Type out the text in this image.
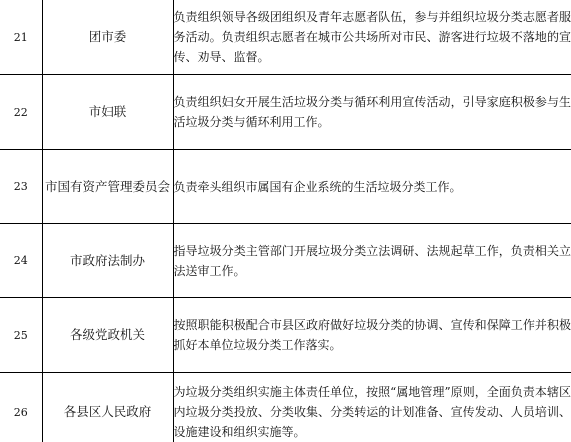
21	团市委	负责组织领导各级团组织及青年志愿者队伍，参与并组织垃圾分类志愿者服务活动。负责组织志愿者在城市公共场所对市民、游客进行垃圾不落地的宣传、劝导、监督。
22	市妇联	负责组织妇女开展生活垃圾分类与循环利用宣传活动，引导家庭积极参与生活垃圾分类与循环利用工作。
23	市国有资产管理委员会	负责牵头组织市属国有企业系统的生活垃圾分类工作。
24	市政府法制办	指导垃圾分类主管部门开展垃圾分类立法调研、法规起草工作，负责相关立法送审工作。
25	各级党政机关	按照职能积极配合市县区政府做好垃圾分类的协调、宣传和保障工作并积极抓好本单位垃圾分类工作落实。
26	各县区人民政府	为垃圾分类组织实施主体责任单位，按照“属地管理”原则，全面负责本辖区内垃圾分类投放、分类收集、分类转运的计划准备、宣传发动、人员培训、设施建设和组织实施等。
